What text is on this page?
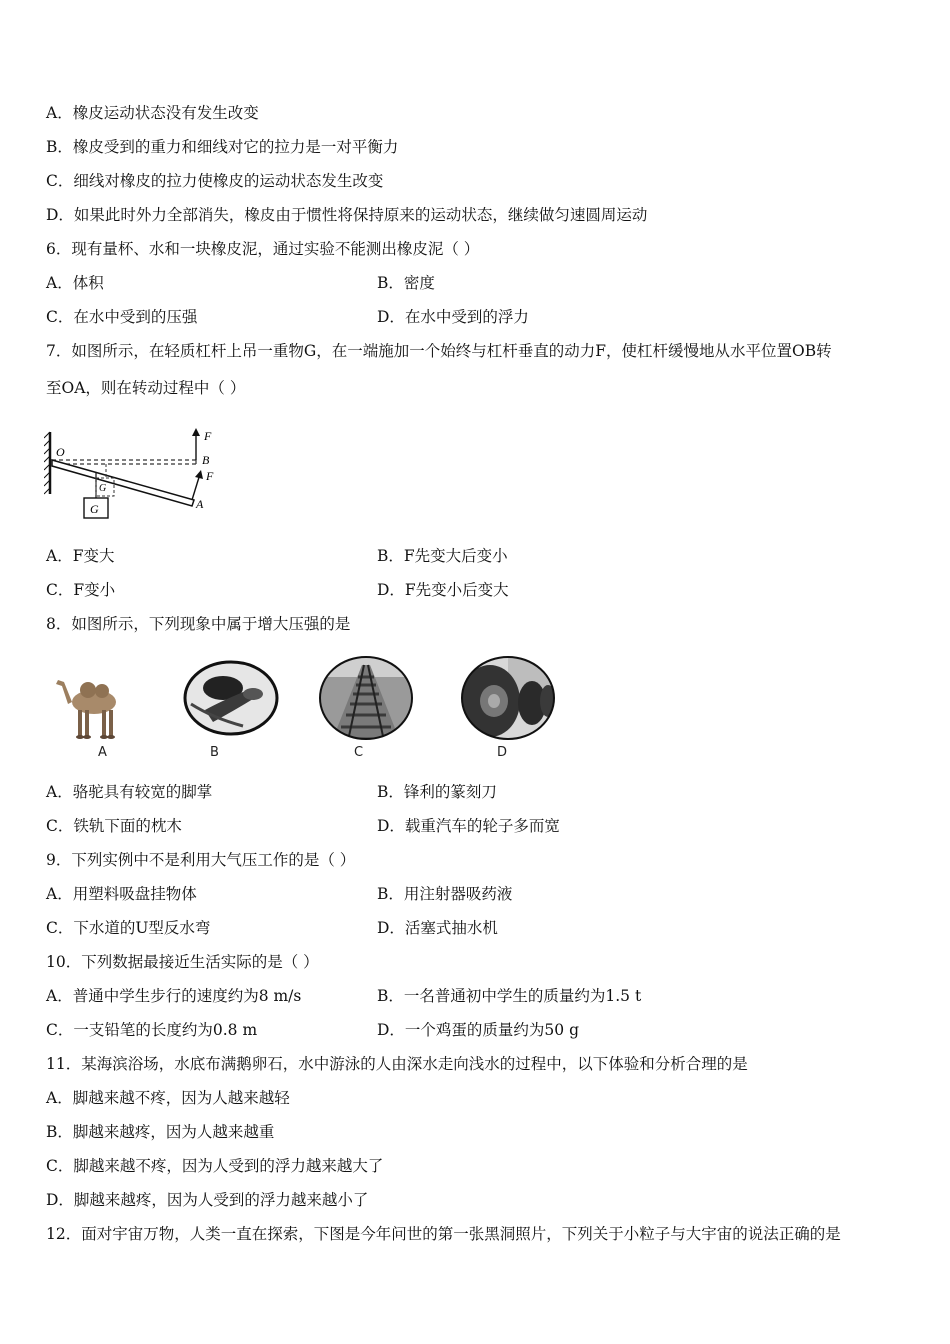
A．橡皮运动状态没有发生改变
B．橡皮受到的重力和细线对它的拉力是一对平衡力
C．细线对橡皮的拉力使橡皮的运动状态发生改变
D．如果此时外力全部消失，橡皮由于惯性将保持原来的运动状态，继续做匀速圆周运动
6．现有量杯、水和一块橡皮泥，通过实验不能测出橡皮泥（ ）
A．体积	B．密度
C．在水中受到的压强	D．在水中受到的浮力
7．如图所示，在轻质杠杆上吊一重物G，在一端施加一个始终与杠杆垂直的动力F，使杠杆缓慢地从水平位置OB转
至OA，则在转动过程中（ ）
O
B
A
F
F
G
G
A．F变大	B．F先变大后变小
C．F变小	D．F先变小后变大
8．如图所示，下列现象中属于增大压强的是
A	B	C	D
A．骆驼具有较宽的脚掌	B．锋利的篆刻刀
C．铁轨下面的枕木	D．载重汽车的轮子多而宽
9．下列实例中不是利用大气压工作的是（ ）
A．用塑料吸盘挂物体	B．用注射器吸药液
C．下水道的U型反水弯	D．活塞式抽水机
10．下列数据最接近生活实际的是（ ）
A．普通中学生步行的速度约为8 m/s	B．一名普通初中学生的质量约为1.5 t
C．一支铅笔的长度约为0.8 m	D．一个鸡蛋的质量约为50 g
11．某海滨浴场，水底布满鹅卵石，水中游泳的人由深水走向浅水的过程中，以下体验和分析合理的是
A．脚越来越不疼，因为人越来越轻
B．脚越来越疼，因为人越来越重
C．脚越来越不疼，因为人受到的浮力越来越大了
D．脚越来越疼，因为人受到的浮力越来越小了
12．面对宇宙万物，人类一直在探索，下图是今年问世的第一张黑洞照片，下列关于小粒子与大宇宙的说法正确的是
